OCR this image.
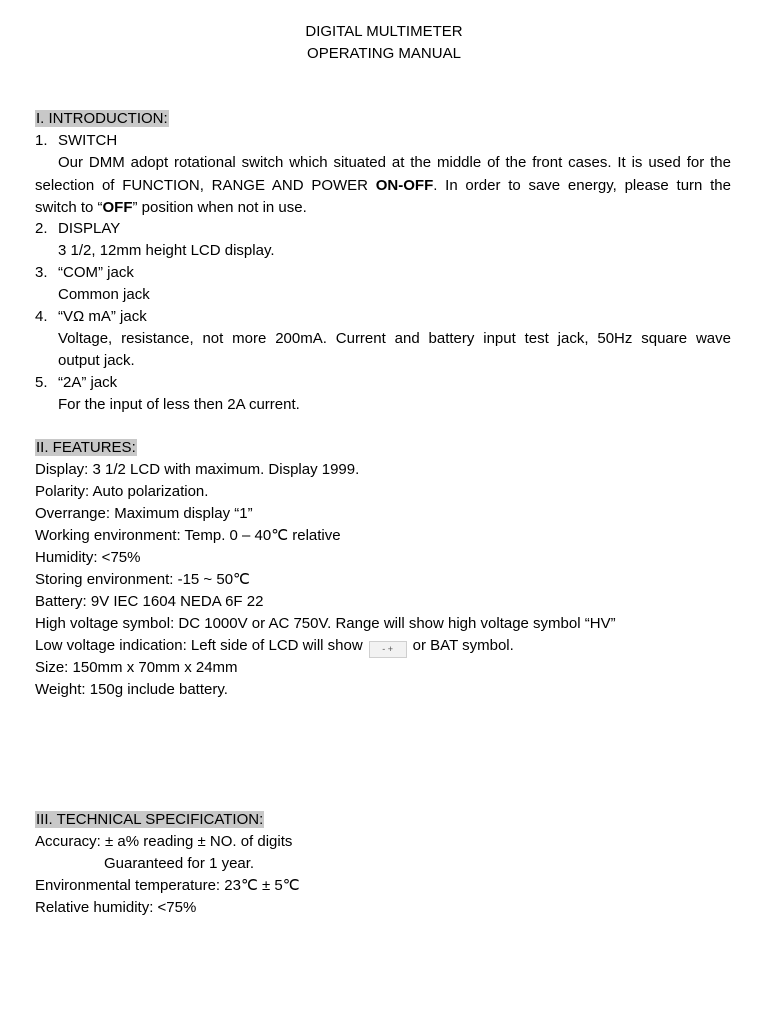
DIGITAL MULTIMETER
OPERATING MANUAL
I. INTRODUCTION:
1. SWITCH
Our DMM adopt rotational switch which situated at the middle of the front cases. It is used for the
selection of FUNCTION, RANGE AND POWER ON-OFF. In order to save energy, please turn the
switch to “OFF” position when not in use.
2. DISPLAY
3 1/2, 12mm height LCD display.
3. “COM” jack
Common jack
4. “VΩ mA” jack
Voltage, resistance, not more 200mA. Current and battery input test jack, 50Hz square wave
output jack.
5. “2A” jack
For the input of less then 2A current.
II. FEATURES:
Display: 3 1/2 LCD with maximum. Display 1999.
Polarity: Auto polarization.
Overrange: Maximum display “1”
Working environment: Temp. 0 – 40℃ relative
Humidity: <75%
Storing environment: -15 ~ 50℃
Battery: 9V IEC 1604 NEDA 6F 22
High voltage symbol: DC 1000V or AC 750V. Range will show high voltage symbol “HV”
Low voltage indication: Left side of LCD will show - + or BAT symbol.
Size: 150mm x 70mm x 24mm
Weight: 150g include battery.
III. TECHNICAL SPECIFICATION:
Accuracy: ± a% reading ± NO. of digits
Guaranteed for 1 year.
Environmental temperature: 23℃ ± 5℃
Relative humidity: <75%
